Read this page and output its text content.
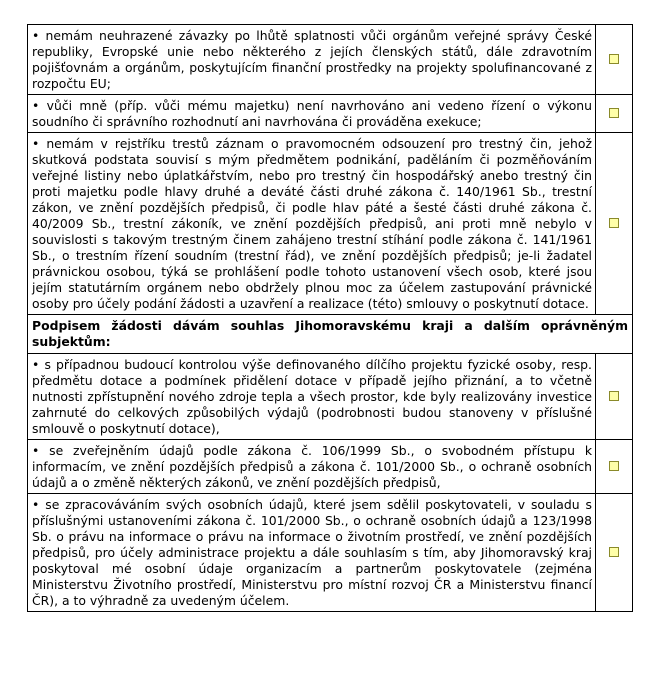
• nemám neuhrazené závazky po lhůtě splatnosti vůči orgánům veřejné správy České republiky, Evropské unie nebo některého z jejích členských států, dále zdravotním pojišťovnám a orgánům, poskytujícím finanční prostředky na projekty spolufinancované z rozpočtu EU;	
• vůči mně (příp. vůči mému majetku) není navrhováno ani vedeno řízení o výkonu soudního či správního rozhodnutí ani navrhována či prováděna exekuce;	
• nemám v rejstříku trestů záznam o pravomocném odsouzení pro trestný čin, jehož skutková podstata souvisí s mým předmětem podnikání, paděláním či pozměňováním veřejné listiny nebo úplatkářstvím, nebo pro trestný čin hospodářský anebo trestný čin proti majetku podle hlavy druhé a deváté části druhé zákona č. 140/1961 Sb., trestní zákon, ve znění pozdějších předpisů, či podle hlav páté a šesté části druhé zákona č. 40/2009 Sb., trestní zákoník, ve znění pozdějších předpisů, ani proti mně nebylo v souvislosti s takovým trestným činem zahájeno trestní stíhání podle zákona č. 141/1961 Sb., o trestním řízení soudním (trestní řád), ve znění pozdějších předpisů; je-li žadatel právnickou osobou, týká se prohlášení podle tohoto ustanovení všech osob, které jsou jejím statutárním orgánem nebo obdržely plnou moc za účelem zastupování právnické osoby pro účely podání žádosti a uzavření a realizace (této) smlouvy o poskytnutí dotace.	
Podpisem žádosti dávám souhlas Jihomoravskému kraji a dalším oprávněným subjektům:	
• s případnou budoucí kontrolou výše definovaného dílčího projektu fyzické osoby, resp. předmětu dotace a podmínek přidělení dotace v případě jejího přiznání, a to včetně nutnosti zpřístupnění nového zdroje tepla a všech prostor, kde byly realizovány investice zahrnuté do celkových způsobilých výdajů (podrobnosti budou stanoveny v příslušné smlouvě o poskytnutí dotace),	
• se zveřejněním údajů podle zákona č. 106/1999 Sb., o svobodném přístupu k informacím, ve znění pozdějších předpisů a zákona č. 101/2000 Sb., o ochraně osobních údajů a o změně některých zákonů, ve znění pozdějších předpisů,	
• se zpracováváním svých osobních údajů, které jsem sdělil poskytovateli, v souladu s příslušnými ustanoveními zákona č. 101/2000 Sb., o ochraně osobních údajů a 123/1998 Sb. o právu na informace o právu na informace o životním prostředí, ve znění pozdějších předpisů, pro účely administrace projektu a dále souhlasím s tím, aby Jihomoravský kraj poskytoval mé osobní údaje organizacím a partnerům poskytovatele (zejména Ministerstvu Životního prostředí, Ministerstvu pro místní rozvoj ČR a Ministerstvu financí ČR), a to výhradně za uvedeným účelem.	
